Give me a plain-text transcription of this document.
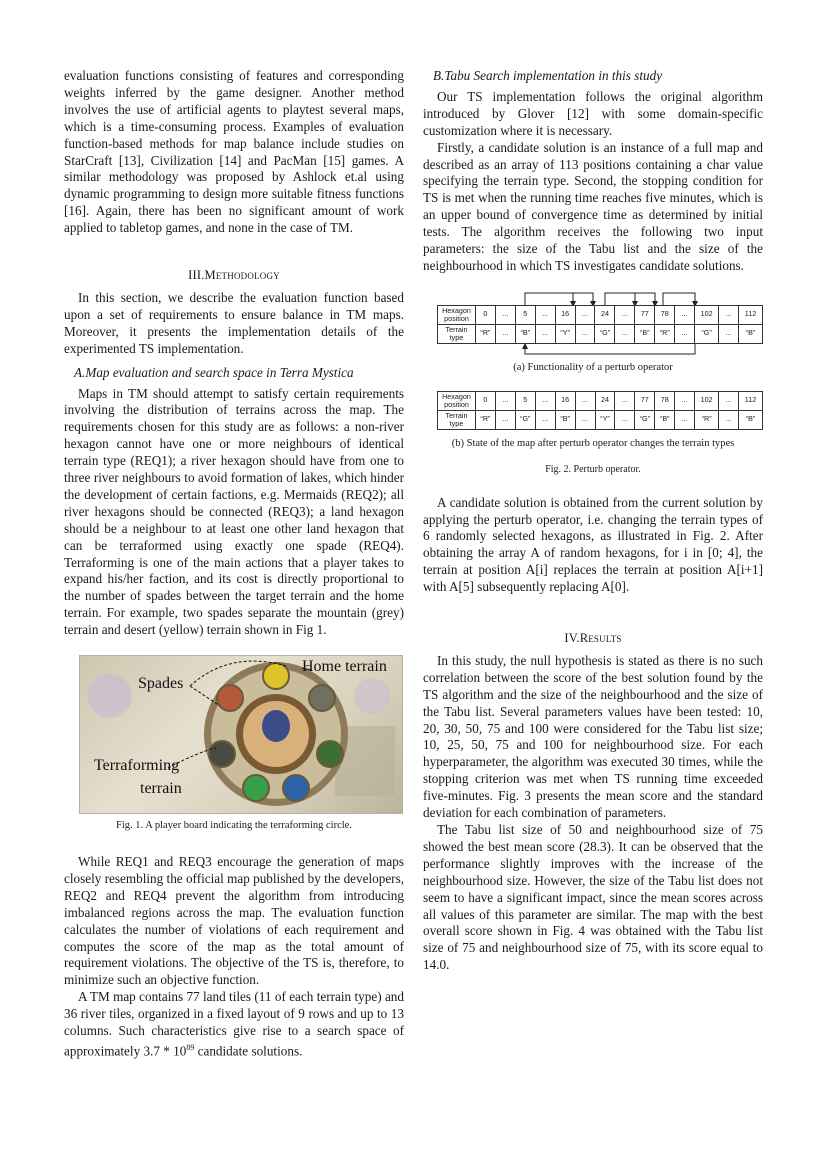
evaluation functions consisting of features and corresponding weights inferred by the game designer. Another method involves the use of artificial agents to playtest several maps, which is a time-consuming process. Examples of evaluation function-based methods for map balance include studies on StarCraft [13], Civilization [14] and PacMan [15] games. A similar methodology was proposed by Ashlock et.al using dynamic programming to design more suitable fitness functions [16]. Again, there has been no significant amount of work applied to tabletop games, and none in the case of TM.

III.Methodology

In this section, we describe the evaluation function based upon a set of requirements to ensure balance in TM maps. Moreover, it presents the implementation details of the experimented TS implementation.

A.Map evaluation and search space in Terra Mystica

Maps in TM should attempt to satisfy certain requirements involving the distribution of terrains across the map. The requirements chosen for this study are as follows: a non-river hexagon cannot have one or more neighbours of identical terrain type (REQ1); a river hexagon should have from one to three river neighbours to avoid formation of lakes, which hinder the development of certain factions, e.g. Mermaids (REQ2); all river hexagons should be connected (REQ3); a land hexagon should be a neighbour to at least one other land hexagon that can be terraformed using exactly one spade (REQ4). Terraforming is one of the main actions that a player takes to expand his/her faction, and its cost is directly proportional to the number of spades between the target terrain and the home terrain. For example, two spades separate the mountain (grey) terrain and desert (yellow) terrain shown in Fig 1.

Home terrain
Spades
Terraforming
terrain
Fig. 1. A player board indicating the terraforming circle.

While REQ1 and REQ3 encourage the generation of maps closely resembling the official map published by the developers, REQ2 and REQ4 prevent the algorithm from introducing imbalanced regions across the map. The evaluation function calculates the number of violations of each requirement and computes the score of the map as the total amount of requirement violations. The objective of the TS is, therefore, to minimize such an objective function.

A TM map contains 77 land tiles (11 of each terrain type) and 36 river tiles, organized in a fixed layout of 9 rows and up to 13 columns. Such characteristics give rise to a search space of approximately $3.7 * 10^{89}$ candidate solutions.

B.Tabu Search implementation in this study

Our TS implementation follows the original algorithm introduced by Glover [12] with some domain-specific customization where it is necessary.

Firstly, a candidate solution is an instance of a full map and described as an array of 113 positions containing a char value specifying the terrain type. Second, the stopping condition for TS is met when the running time reaches five minutes, which is an upper bound of convergence time as determined by initial tests. The algorithm receives the following two input parameters: the size of the Tabu list and the size of the neighbourhood in which TS investigates candidate solutions.

Hexagon position	0	...	5	...	16	...	24	...	77	78	...	102	...	112
Terrain type	“R”	...	“B”	...	“Y”	...	“G”	...	“B”	“R”	...	“G”	...	“B”
(a) Functionality of a perturb operator
Hexagon position	0	...	5	...	16	...	24	...	77	78	...	102	...	112
Terrain type	“R”	...	“G”	...	“B”	...	“Y”	...	“G”	“B”	...	“R”	...	“B”
(b) State of the map after perturb operator changes the terrain types
Fig. 2. Perturb operator.

A candidate solution is obtained from the current solution by applying the perturb operator, i.e. changing the terrain types of 6 randomly selected hexagons, as illustrated in Fig. 2. After obtaining the array A of random hexagons, for i in [0; 4], the terrain at position A[i] replaces the terrain at position A[i+1] with A[5] subsequently replacing A[0].

IV.Results

In this study, the null hypothesis is stated as there is no such correlation between the score of the best solution found by the TS algorithm and the size of the neighbourhood and the size of the Tabu list. Several parameters values have been tested: 10, 20, 30, 50, 75 and 100 were considered for the Tabu list size; 10, 25, 50, 75 and 100 for neighbourhood size. For each hyperparameter, the algorithm was executed 30 times, while the stopping criterion was met when TS running time exceeded five-minutes. Fig. 3 presents the mean score and the standard deviation for each combination of parameters.

The Tabu list size of 50 and neighbourhood size of 75 showed the best mean score (28.3). It can be observed that the performance slightly improves with the increase of the neighbourhood size. However, the size of the Tabu list does not seem to have a significant impact, since the mean scores across all values of this parameter are similar. The map with the best overall score shown in Fig. 4 was obtained with the Tabu list size of 75 and neighbourhood size of 75, with its score equal to 14.0.
